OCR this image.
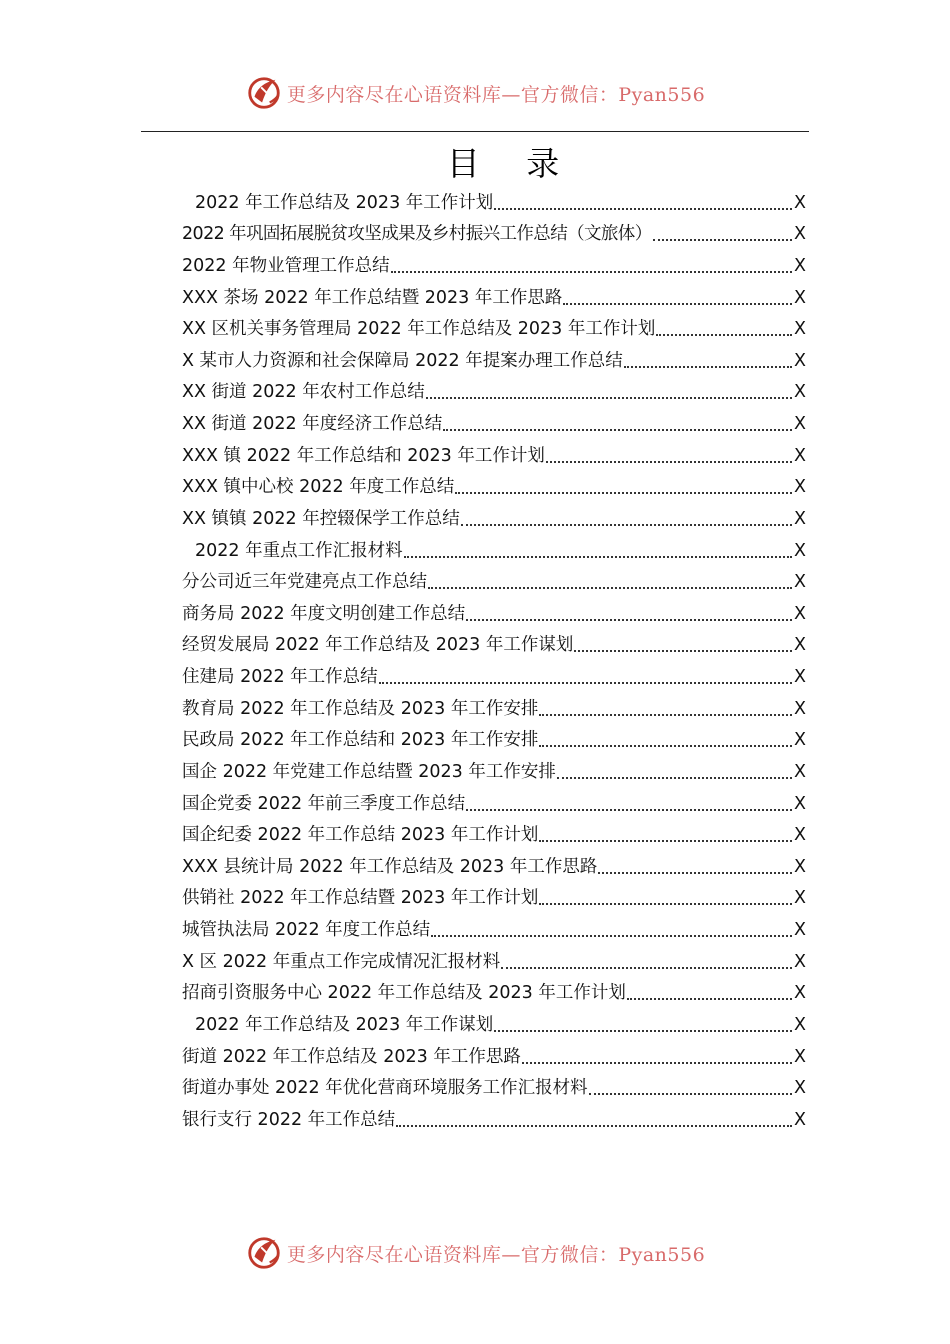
更多内容尽在心语资料库—官方微信：Pyan556
目 录
2022 年工作总结及 2023 年工作计划	X
2022 年巩固拓展脱贫攻坚成果及乡村振兴工作总结（文旅体）	X
2022 年物业管理工作总结	X
XXX 茶场 2022 年工作总结暨 2023 年工作思路	X
XX 区机关事务管理局 2022 年工作总结及 2023 年工作计划	X
X 某市人力资源和社会保障局 2022 年提案办理工作总结	X
XX 街道 2022 年农村工作总结	X
XX 街道 2022 年度经济工作总结	X
XXX 镇 2022 年工作总结和 2023 年工作计划	X
XXX 镇中心校 2022 年度工作总结	X
XX 镇镇 2022 年控辍保学工作总结	X
2022 年重点工作汇报材料	X
分公司近三年党建亮点工作总结	X
商务局 2022 年度文明创建工作总结	X
经贸发展局 2022 年工作总结及 2023 年工作谋划	X
住建局 2022 年工作总结	X
教育局 2022 年工作总结及 2023 年工作安排	X
民政局 2022 年工作总结和 2023 年工作安排	X
国企 2022 年党建工作总结暨 2023 年工作安排	X
国企党委 2022 年前三季度工作总结	X
国企纪委 2022 年工作总结 2023 年工作计划	X
XXX 县统计局 2022 年工作总结及 2023 年工作思路	X
供销社 2022 年工作总结暨 2023 年工作计划	X
城管执法局 2022 年度工作总结	X
X 区 2022 年重点工作完成情况汇报材料	X
招商引资服务中心 2022 年工作总结及 2023 年工作计划	X
2022 年工作总结及 2023 年工作谋划	X
街道 2022 年工作总结及 2023 年工作思路	X
街道办事处 2022 年优化营商环境服务工作汇报材料	X
银行支行 2022 年工作总结	X
更多内容尽在心语资料库—官方微信：Pyan556
